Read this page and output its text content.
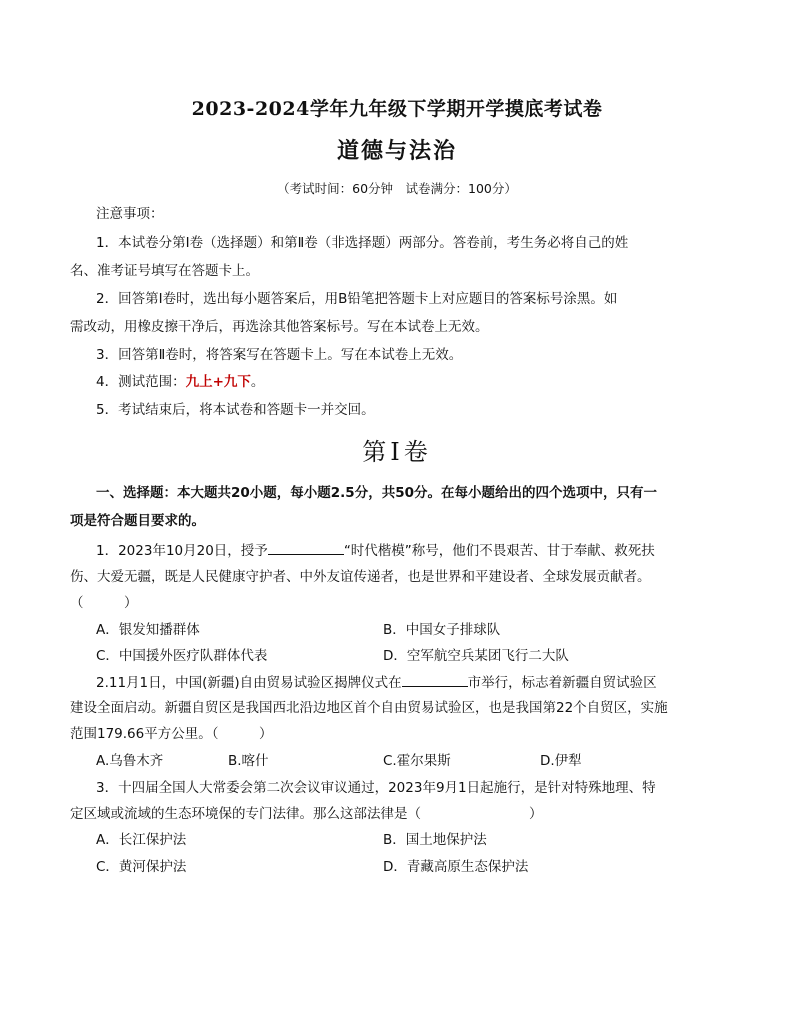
2023-2024学年九年级下学期开学摸底考试卷
道德与法治
（考试时间：60分钟　试卷满分：100分）
注意事项：
1．本试卷分第Ⅰ卷（选择题）和第Ⅱ卷（非选择题）两部分。答卷前，考生务必将自己的姓
名、准考证号填写在答题卡上。
2．回答第Ⅰ卷时，选出每小题答案后，用B铅笔把答题卡上对应题目的答案标号涂黑。如
需改动，用橡皮擦干净后，再选涂其他答案标号。写在本试卷上无效。
3．回答第Ⅱ卷时，将答案写在答题卡上。写在本试卷上无效。
4．测试范围：九上+九下。
5．考试结束后，将本试卷和答题卡一并交回。
第Ⅰ卷
一、选择题：本大题共20小题，每小题2.5分，共50分。在每小题给出的四个选项中，只有一
项是符合题目要求的。
1．2023年10月20日，授予	“时代楷模”称号，他们不畏艰苦、甘于奉献、救死扶
伤、大爱无疆，既是人民健康守护者、中外友谊传递者，也是世界和平建设者、全球发展贡献者。
（　　　）
A．银发知播群体	B．中国女子排球队
C．中国援外医疗队群体代表	D．空军航空兵某团飞行二大队
2.11月1日，中国(新疆)自由贸易试验区揭牌仪式在	市举行，标志着新疆自贸试验区
建设全面启动。新疆自贸区是我国西北沿边地区首个自由贸易试验区，也是我国第22个自贸区，实施
范围179.66平方公里。（　　　）
A.乌鲁木齐	B.喀什	C.霍尔果斯	D.伊犁
3．十四届全国人大常委会第二次会议审议通过，2023年9月1日起施行，是针对特殊地理、特
定区域或流域的生态环境保的专门法律。那么这部法律是（　　　　　　　　）
A．长江保护法	B．国土地保护法
C．黄河保护法	D．青藏高原生态保护法
